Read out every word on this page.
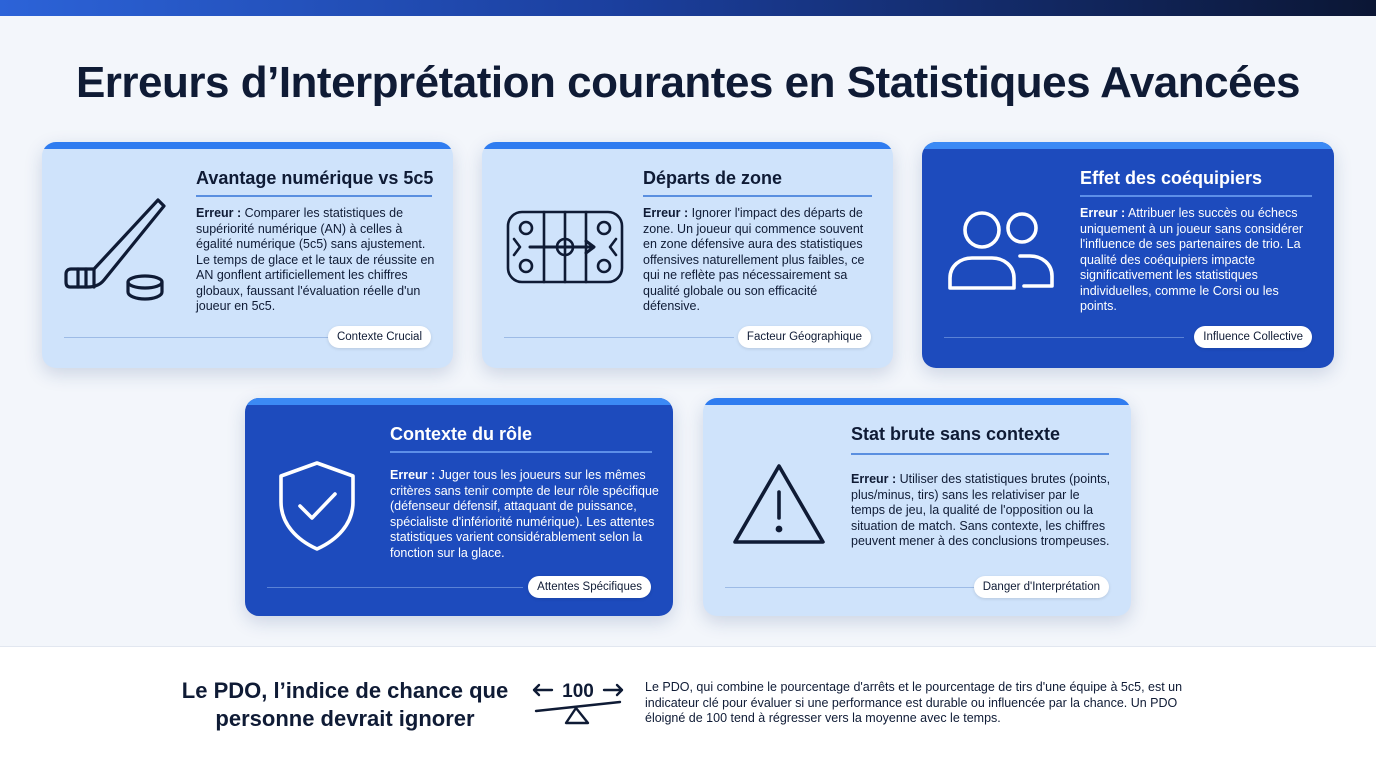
Erreurs d’Interprétation courantes en Statistiques Avancées
Avantage numérique vs 5c5
Erreur : Comparer les statistiques de supériorité numérique (AN) à celles à égalité numérique (5c5) sans ajustement. Le temps de glace et le taux de réussite en AN gonflent artificiellement les chiffres globaux, faussant l'évaluation réelle d'un joueur en 5c5.
Contexte Crucial
Départs de zone
Erreur : Ignorer l'impact des départs de zone. Un joueur qui commence souvent en zone défensive aura des statistiques offensives naturellement plus faibles, ce qui ne reflète pas nécessairement sa qualité globale ou son efficacité défensive.
Facteur Géographique
Effet des coéquipiers
Erreur : Attribuer les succès ou échecs uniquement à un joueur sans considérer l'influence de ses partenaires de trio. La qualité des coéquipiers impacte significativement les statistiques individuelles, comme le Corsi ou les points.
Influence Collective
Contexte du rôle
Erreur : Juger tous les joueurs sur les mêmes critères sans tenir compte de leur rôle spécifique (défenseur défensif, attaquant de puissance, spécialiste d'infériorité numérique). Les attentes statistiques varient considérablement selon la fonction sur la glace.
Attentes Spécifiques
Stat brute sans contexte
Erreur : Utiliser des statistiques brutes (points, plus/minus, tirs) sans les relativiser par le temps de jeu, la qualité de l'opposition ou la situation de match. Sans contexte, les chiffres peuvent mener à des conclusions trompeuses.
Danger d'Interprétation
Le PDO, l’indice de chance que personne devrait ignorer
100	Le PDO, qui combine le pourcentage d'arrêts et le pourcentage de tirs d'une équipe à 5c5, est un indicateur clé pour évaluer si une performance est durable ou influencée par la chance. Un PDO éloigné de 100 tend à régresser vers la moyenne avec le temps.
